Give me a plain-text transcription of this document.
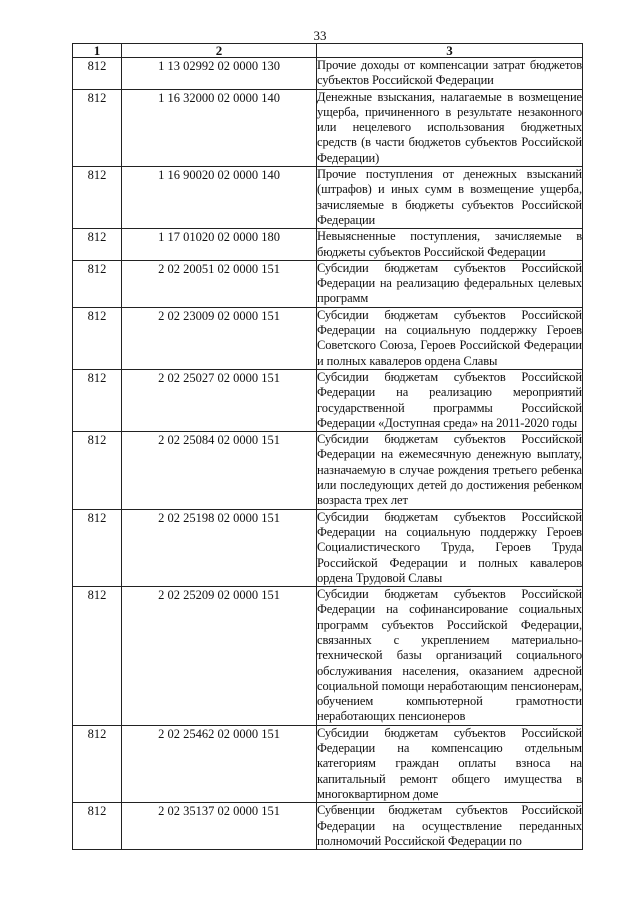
33
1	2	3
812	1 13 02992 02 0000 130	Прочие доходы от компенсации затрат бюджетов субъектов Российской Федерации
812	1 16 32000 02 0000 140	Денежные взыскания, налагаемые в возмещение ущерба, причиненного в результате незаконного или нецелевого использования бюджетных средств (в части бюджетов субъектов Российской Федерации)
812	1 16 90020 02 0000 140	Прочие поступления от денежных взысканий (штрафов) и иных сумм в возмещение ущерба, зачисляемые в бюджеты субъектов Российской Федерации
812	1 17 01020 02 0000 180	Невыясненные поступления, зачисляемые в бюджеты субъектов Российской Федерации
812	2 02 20051 02 0000 151	Субсидии бюджетам субъектов Российской Федерации на реализацию федеральных целевых программ
812	2 02 23009 02 0000 151	Субсидии бюджетам субъектов Российской Федерации на социальную поддержку Героев Советского Союза, Героев Российской Федерации и полных кавалеров ордена Славы
812	2 02 25027 02 0000 151	Субсидии бюджетам субъектов Российской Федерации на реализацию мероприятий государственной программы Российской Федерации «Доступная среда» на 2011-2020 годы
812	2 02 25084 02 0000 151	Субсидии бюджетам субъектов Российской Федерации на ежемесячную денежную выплату, назначаемую в случае рождения третьего ребенка или последующих детей до достижения ребенком возраста трех лет
812	2 02 25198 02 0000 151	Субсидии бюджетам субъектов Российской Федерации на социальную поддержку Героев Социалистического Труда, Героев Труда Российской Федерации и полных кавалеров ордена Трудовой Славы
812	2 02 25209 02 0000 151	Субсидии бюджетам субъектов Российской Федерации на софинансирование социальных программ субъектов Российской Федерации, связанных с укреплением материально-технической базы организаций социального обслуживания населения, оказанием адресной социальной помощи неработающим пенсионерам, обучением компьютерной грамотности неработающих пенсионеров
812	2 02 25462 02 0000 151	Субсидии бюджетам субъектов Российской Федерации на компенсацию отдельным категориям граждан оплаты взноса на капитальный ремонт общего имущества в многоквартирном доме
812	2 02 35137 02 0000 151	Субвенции бюджетам субъектов Российской Федерации на осуществление переданных полномочий Российской Федерации по
